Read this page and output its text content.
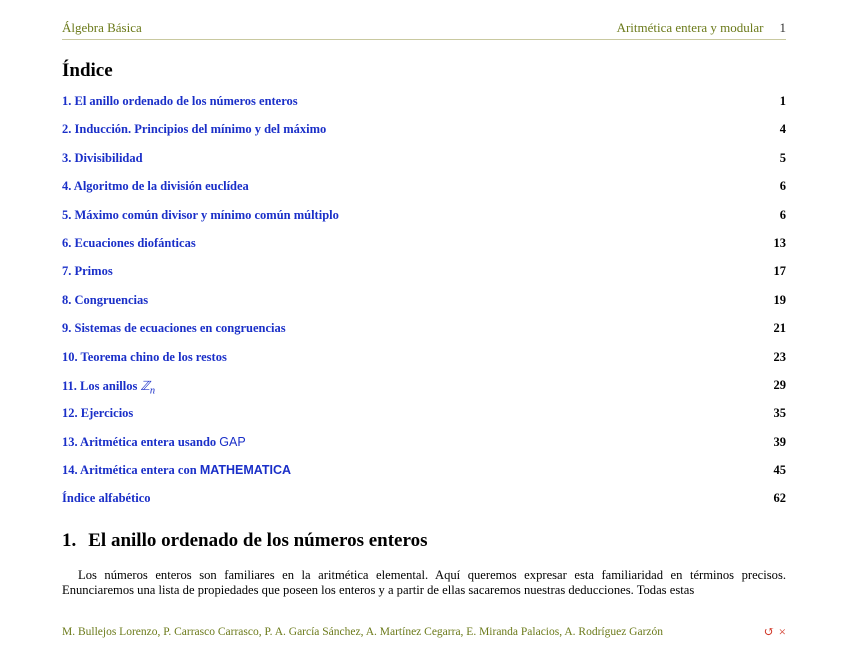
Álgebra Básica	Aritmética entera y modular 1
Índice
1. El anillo ordenado de los números enteros	1
2. Inducción. Principios del mínimo y del máximo	4
3. Divisibilidad	5
4. Algoritmo de la división euclídea	6
5. Máximo común divisor y mínimo común múltiplo	6
6. Ecuaciones diofánticas	13
7. Primos	17
8. Congruencias	19
9. Sistemas de ecuaciones en congruencias	21
10. Teorema chino de los restos	23
11. Los anillos ℤ$_n$	29
12. Ejercicios	35
13. Aritmética entera usando GAP	39
14. Aritmética entera con MATHEMATICA	45
Índice alfabético	62
1. El anillo ordenado de los números enteros
Los números enteros son familiares en la aritmética elemental. Aquí queremos expresar esta familiaridad en términos precisos. Enunciaremos una lista de propiedades que poseen los enteros y a partir de ellas sacaremos nuestras deducciones. Todas estas
M. Bullejos Lorenzo, P. Carrasco Carrasco, P. A. García Sánchez, A. Martínez Cegarra, E. Miranda Palacios, A. Rodríguez Garzón	↺ ×
